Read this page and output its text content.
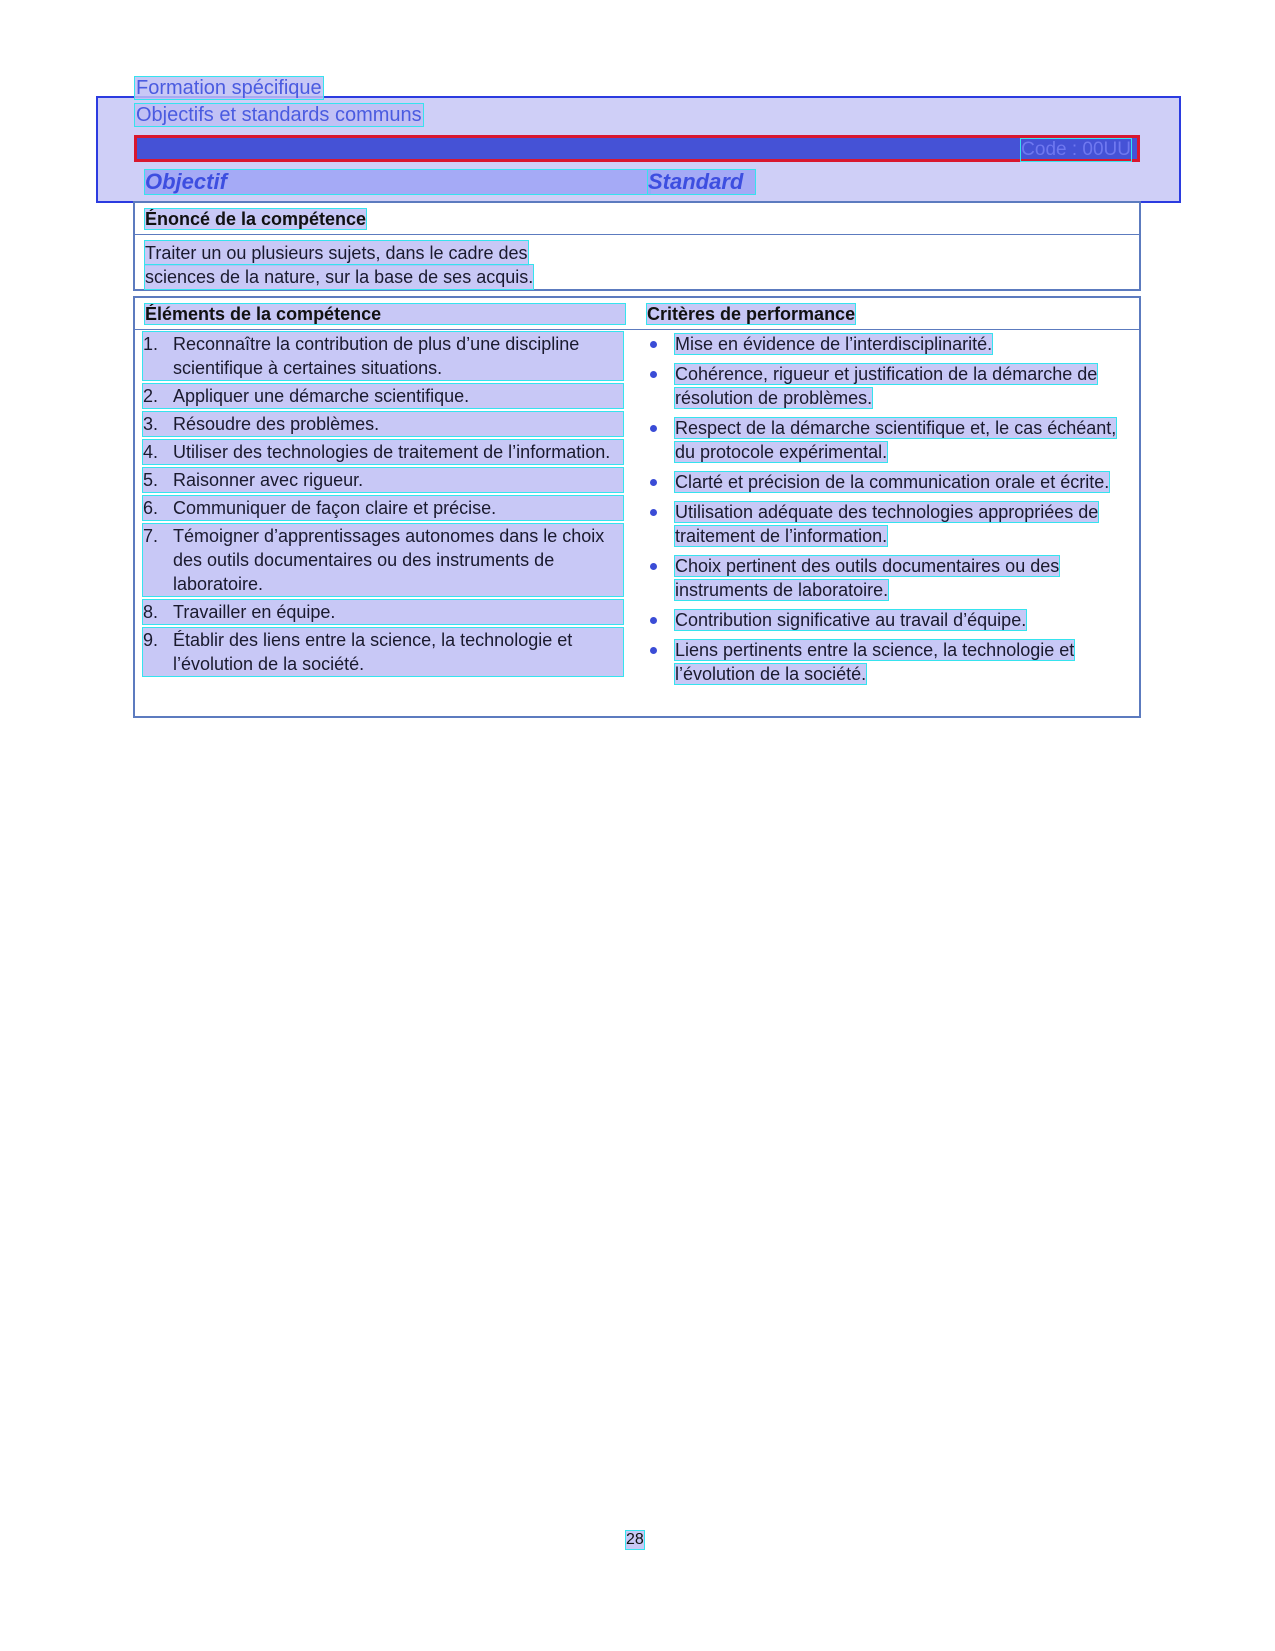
Formation spécifique
Objectifs et standards communs
Code : 00UU
Objectif	Standard
Énoncé de la compétence
Traiter un ou plusieurs sujets, dans le cadre des
sciences de la nature, sur la base de ses acquis.
Éléments de la compétence	Critères de performance
1. Reconnaître la contribution de plus d’une discipline scientifique à certaines situations.
2. Appliquer une démarche scientifique.
3. Résoudre des problèmes.
4. Utiliser des technologies de traitement de l’information.
5. Raisonner avec rigueur.
6. Communiquer de façon claire et précise.
7. Témoigner d’apprentissages autonomes dans le choix des outils documentaires ou des instruments de laboratoire.
8. Travailler en équipe.
9. Établir des liens entre la science, la technologie et l’évolution de la société.
Mise en évidence de l’interdisciplinarité.
Cohérence, rigueur et justification de la démarche de résolution de problèmes.
Respect de la démarche scientifique et, le cas échéant, du protocole expérimental.
Clarté et précision de la communication orale et écrite.
Utilisation adéquate des technologies appropriées de traitement de l’information.
Choix pertinent des outils documentaires ou des instruments de laboratoire.
Contribution significative au travail d’équipe.
Liens pertinents entre la science, la technologie et l’évolution de la société.
28
